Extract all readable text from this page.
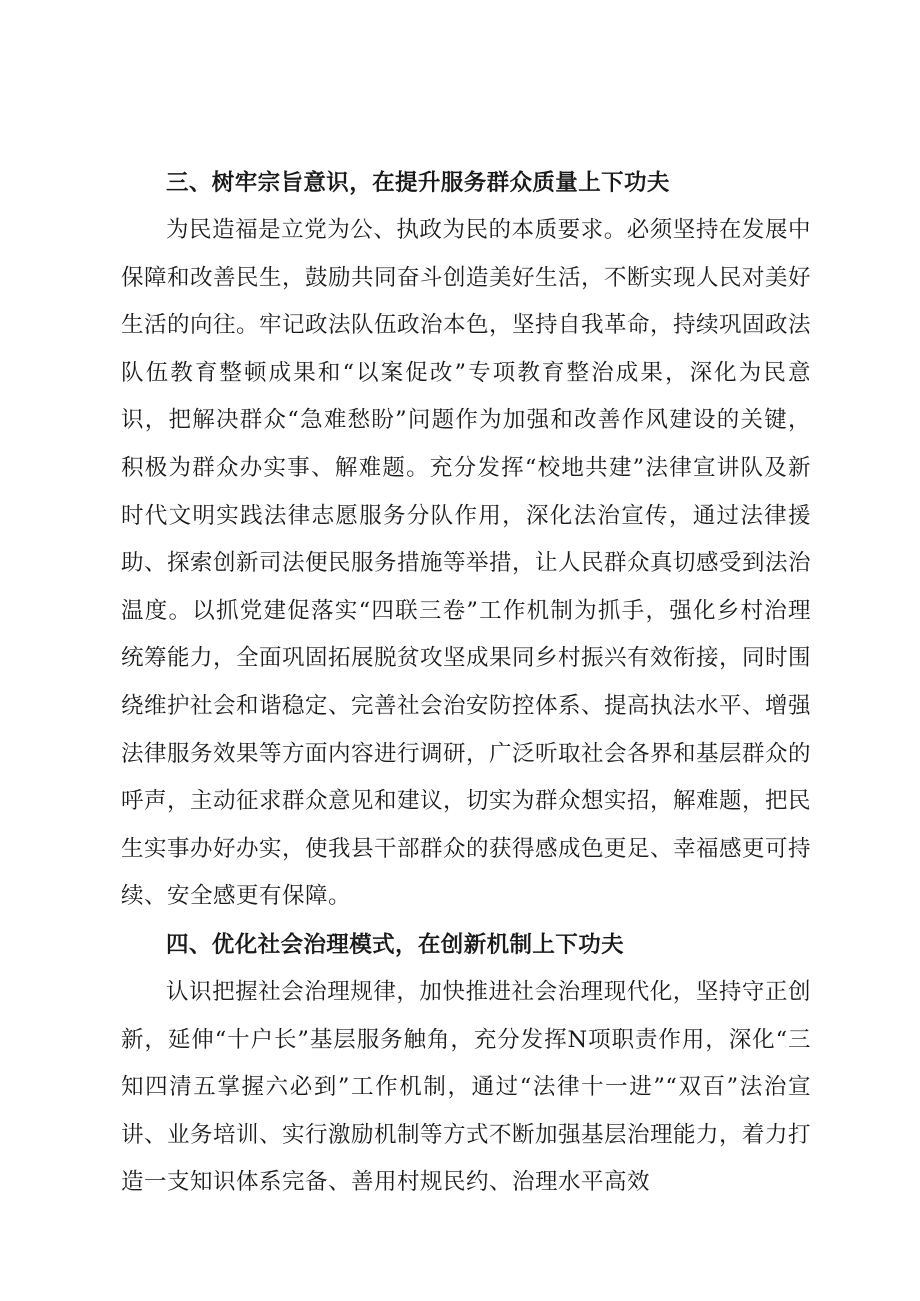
三、树牢宗旨意识，在提升服务群众质量上下功夫

为民造福是立党为公、执政为民的本质要求。必须坚持在发展中保障和改善民生，鼓励共同奋斗创造美好生活，不断实现人民对美好生活的向往。牢记政法队伍政治本色，坚持自我革命，持续巩固政法队伍教育整顿成果和“以案促改”专项教育整治成果，深化为民意识，把解决群众“急难愁盼”问题作为加强和改善作风建设的关键，积极为群众办实事、解难题。充分发挥“校地共建”法律宣讲队及新时代文明实践法律志愿服务分队作用，深化法治宣传，通过法律援助、探索创新司法便民服务措施等举措，让人民群众真切感受到法治温度。以抓党建促落实“四联三卷”工作机制为抓手，强化乡村治理统筹能力，全面巩固拓展脱贫攻坚成果同乡村振兴有效衔接，同时围绕维护社会和谐稳定、完善社会治安防控体系、提高执法水平、增强法律服务效果等方面内容进行调研，广泛听取社会各界和基层群众的呼声，主动征求群众意见和建议，切实为群众想实招，解难题，把民生实事办好办实，使我县干部群众的获得感成色更足、幸福感更可持续、安全感更有保障。

四、优化社会治理模式，在创新机制上下功夫

认识把握社会治理规律，加快推进社会治理现代化，坚持守正创新，延伸“十户长”基层服务触角，充分发挥N项职责作用，深化“三知四清五掌握六必到”工作机制，通过“法律十一进”“双百”法治宣讲、业务培训、实行激励机制等方式不断加强基层治理能力，着力打造一支知识体系完备、善用村规民约、治理水平高效
